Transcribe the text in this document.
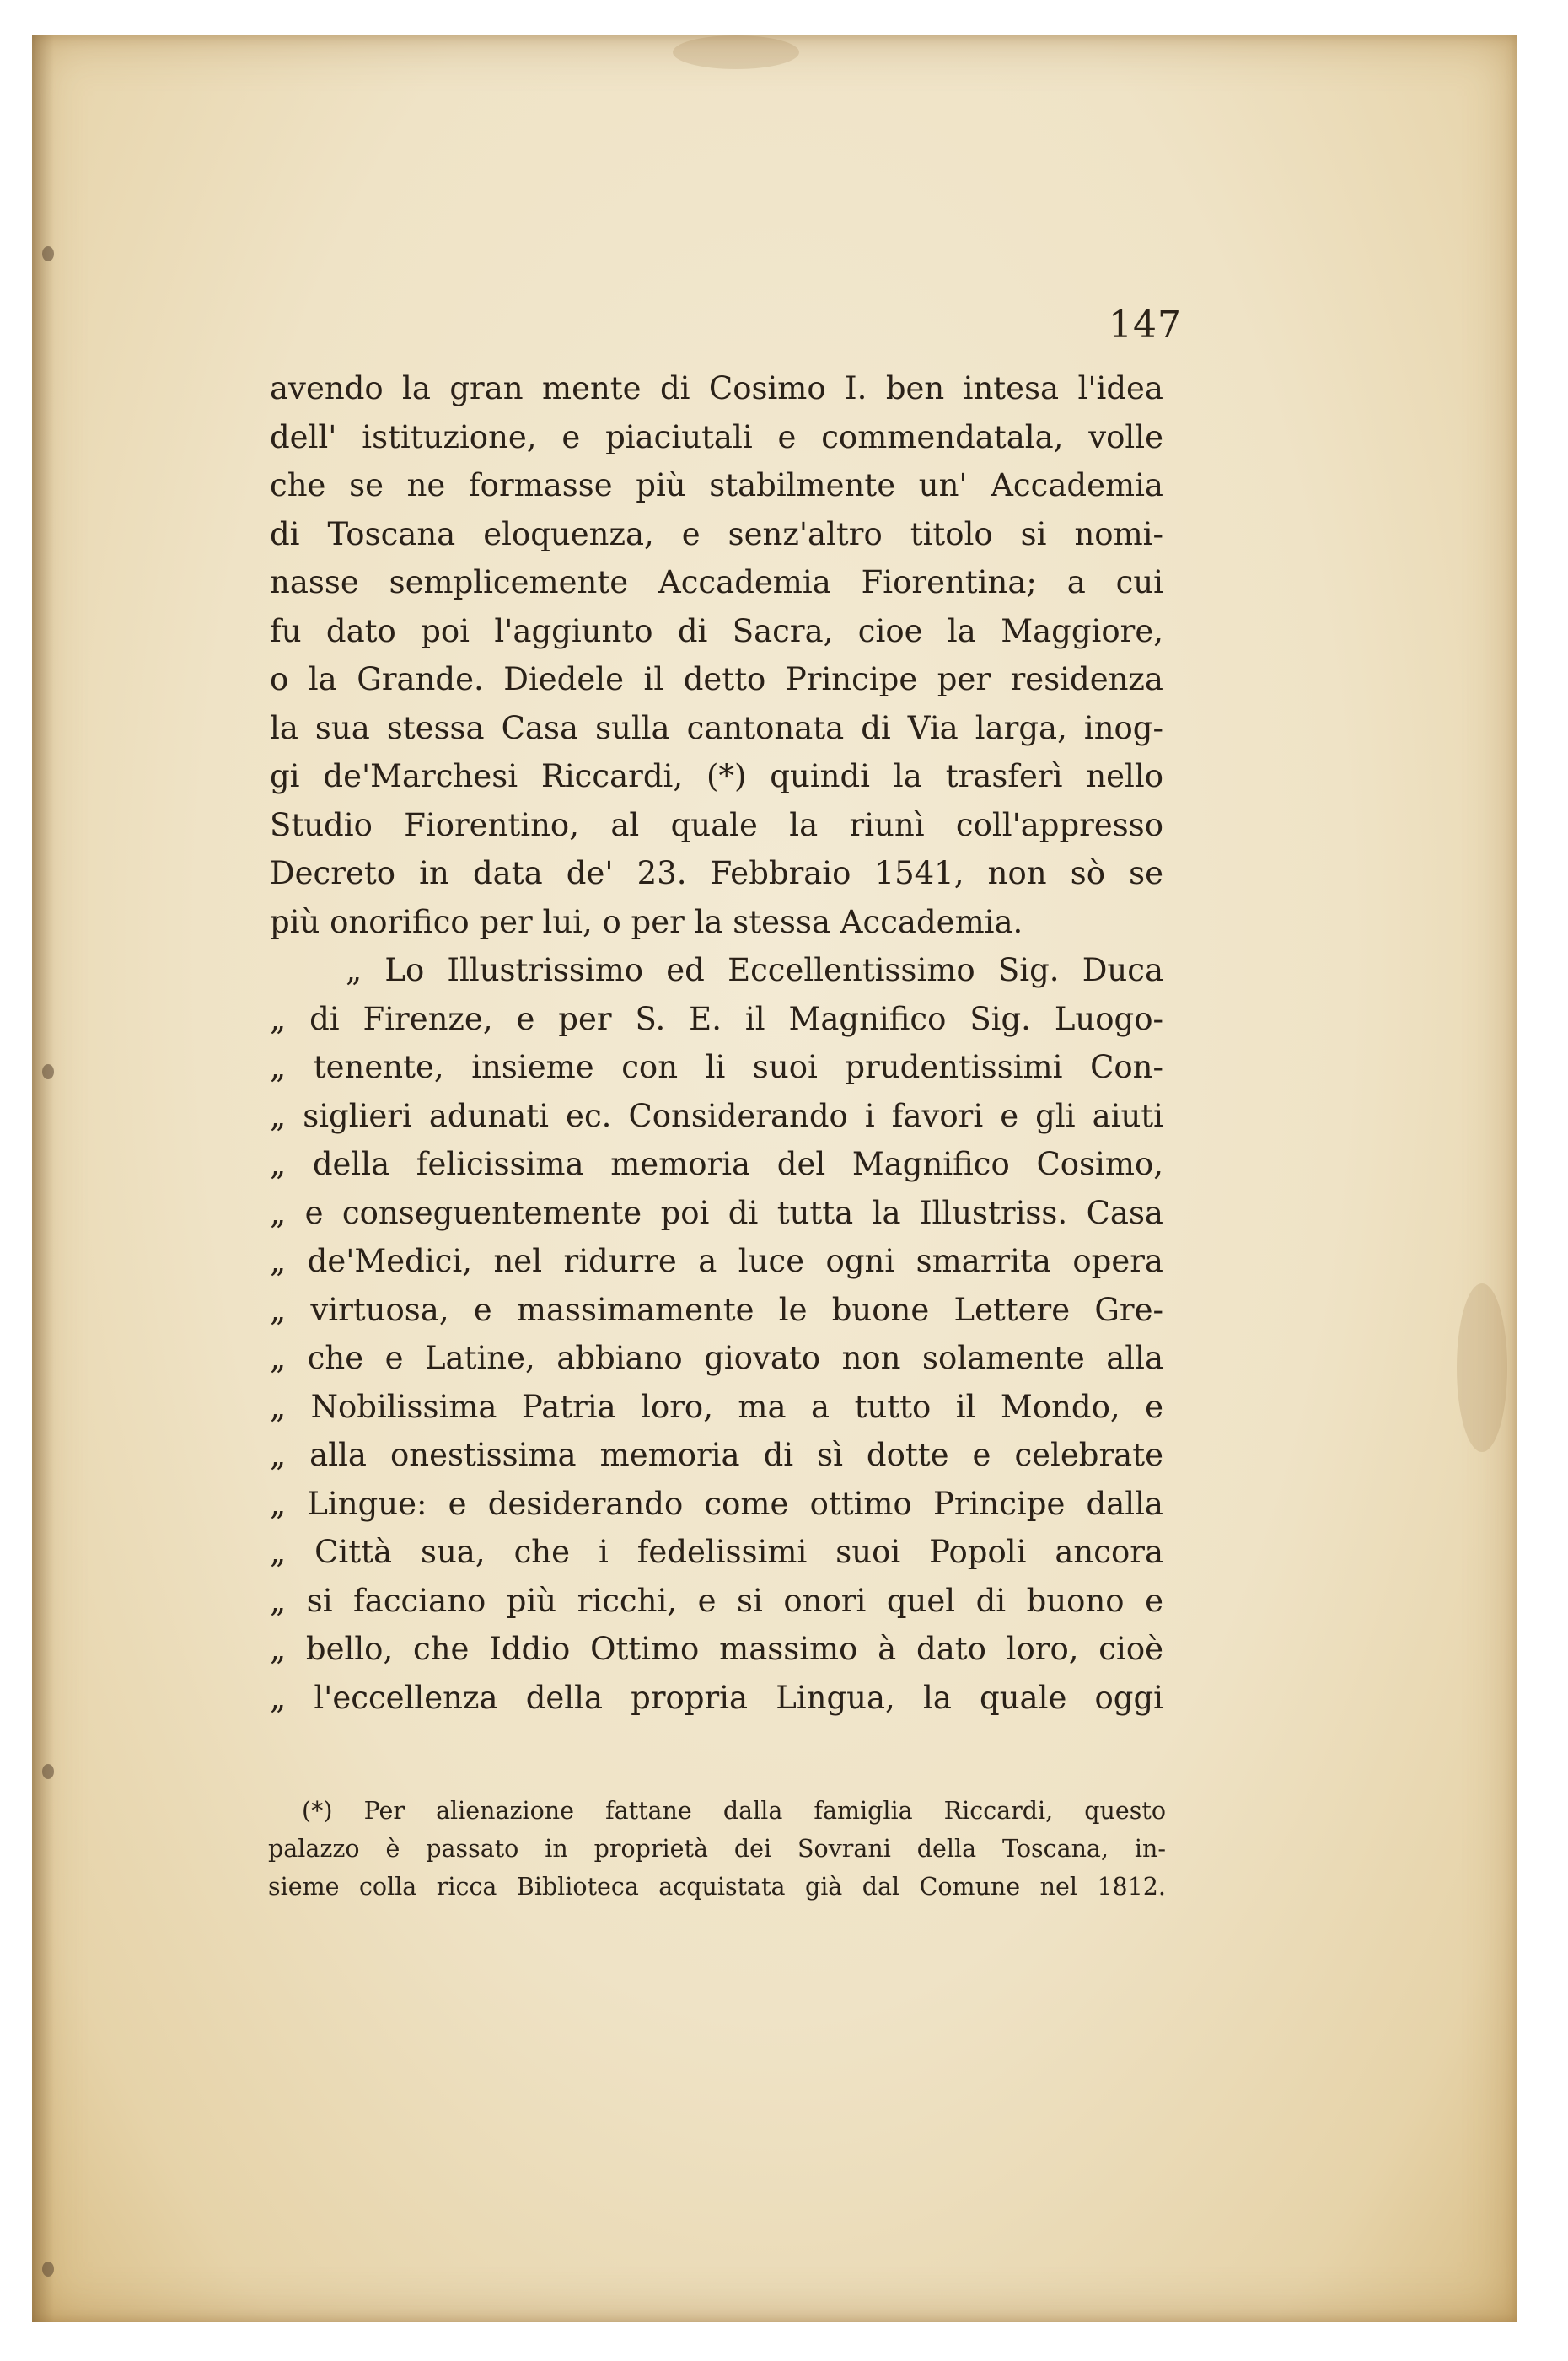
147
avendo la gran mente di Cosimo I. ben intesa l'idea
dell' istituzione, e piaciutali e commendatala, volle
che se ne formasse più stabilmente un' Accademia
di Toscana eloquenza, e senz'altro titolo si nomi-
nasse semplicemente Accademia Fiorentina; a cui
fu dato poi l'aggiunto di Sacra, cioe la Maggiore,
o la Grande. Diedele il detto Principe per residenza
la sua stessa Casa sulla cantonata di Via larga, inog-
gi de'Marchesi Riccardi, (*) quindi la trasferì nello
Studio Fiorentino, al quale la riunì coll'appresso
Decreto in data de' 23. Febbraio 1541, non sò se
più onorifico per lui, o per la stessa Accademia.
„ Lo Illustrissimo ed Eccellentissimo Sig. Duca
„ di Firenze, e per S. E. il Magnifico Sig. Luogo-
„ tenente, insieme con li suoi prudentissimi Con-
„ siglieri adunati ec. Considerando i favori e gli aiuti
„ della felicissima memoria del Magnifico Cosimo,
„ e conseguentemente poi di tutta la Illustriss. Casa
„ de'Medici, nel ridurre a luce ogni smarrita opera
„ virtuosa, e massimamente le buone Lettere Gre-
„ che e Latine, abbiano giovato non solamente alla
„ Nobilissima Patria loro, ma a tutto il Mondo, e
„ alla onestissima memoria di sì dotte e celebrate
„ Lingue: e desiderando come ottimo Principe dalla
„ Città sua, che i fedelissimi suoi Popoli ancora
„ si facciano più ricchi, e si onori quel di buono e
„ bello, che Iddio Ottimo massimo à dato loro, cioè
„ l'eccellenza della propria Lingua, la quale oggi
(*) Per alienazione fattane dalla famiglia Riccardi, questo
palazzo è passato in proprietà dei Sovrani della Toscana, in-
sieme colla ricca Biblioteca acquistata già dal Comune nel 1812.
